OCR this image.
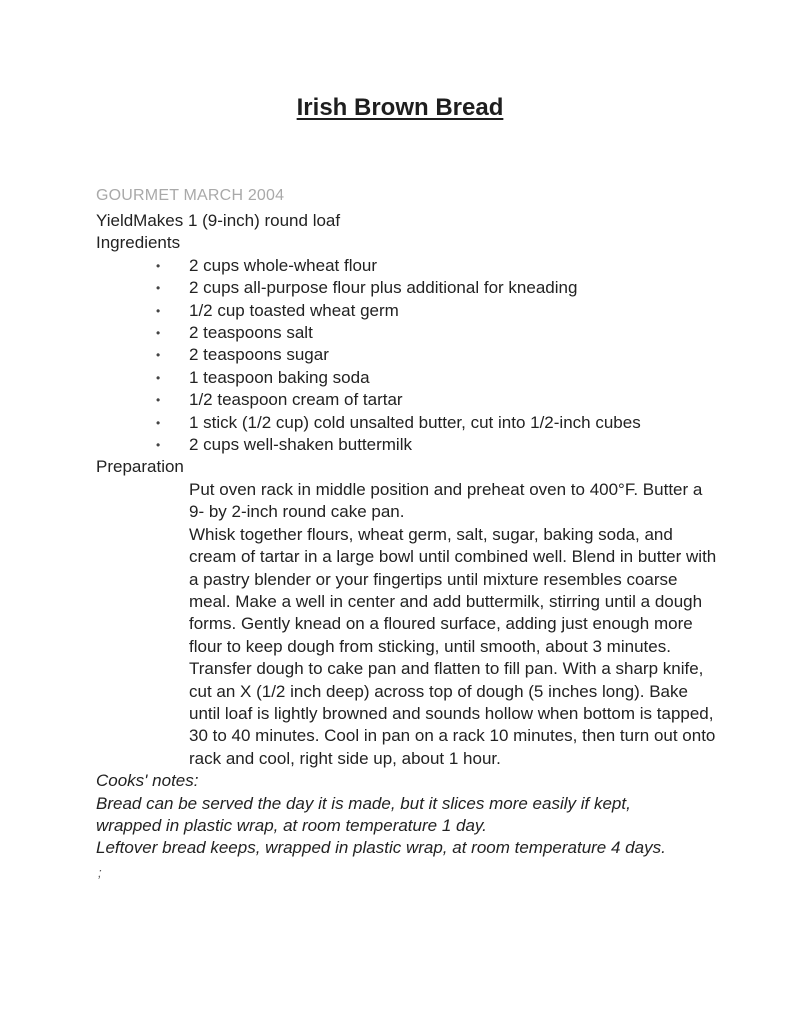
Irish Brown Bread
GOURMET MARCH 2004

YieldMakes 1 (9-inch) round loaf

Ingredients

• 2 cups whole-wheat flour
• 2 cups all-purpose flour plus additional for kneading
• 1/2 cup toasted wheat germ
• 2 teaspoons salt
• 2 teaspoons sugar
• 1 teaspoon baking soda
• 1/2 teaspoon cream of tartar
• 1 stick (1/2 cup) cold unsalted butter, cut into 1/2-inch cubes
• 2 cups well-shaken buttermilk

Preparation

Put oven rack in middle position and preheat oven to 400°F. Butter a 9- by 2-inch round cake pan.

Whisk together flours, wheat germ, salt, sugar, baking soda, and cream of tartar in a large bowl until combined well. Blend in butter with a pastry blender or your fingertips until mixture resembles coarse meal. Make a well in center and add buttermilk, stirring until a dough forms. Gently knead on a floured surface, adding just enough more flour to keep dough from sticking, until smooth, about 3 minutes.

Transfer dough to cake pan and flatten to fill pan. With a sharp knife, cut an X (1/2 inch deep) across top of dough (5 inches long). Bake until loaf is lightly browned and sounds hollow when bottom is tapped, 30 to 40 minutes. Cool in pan on a rack 10 minutes, then turn out onto rack and cool, right side up, about 1 hour.

Cooks' notes:

Bread can be served the day it is made, but it slices more easily if kept, wrapped in plastic wrap, at room temperature 1 day.

Leftover bread keeps, wrapped in plastic wrap, at room temperature 4 days.

;
